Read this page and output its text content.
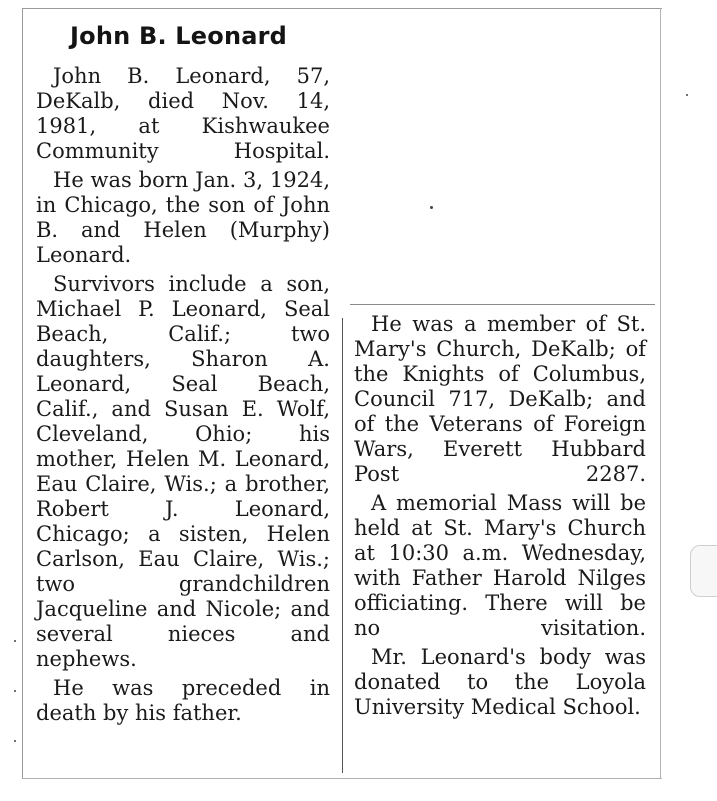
John B. Leonard

John B. Leonard, 57, DeKalb, died Nov. 14, 1981, at Kishwaukee Community Hospital.

He was born Jan. 3, 1924, in Chicago, the son of John B. and Helen (Murphy) Leonard.

Survivors include a son, Michael P. Leonard, Seal Beach, Calif.; two daughters, Sharon A. Leonard, Seal Beach, Calif., and Susan E. Wolf, Cleveland, Ohio; his mother, Helen M. Leonard, Eau Claire, Wis.; a brother, Robert J. Leonard, Chicago; a sisten, Helen Carlson, Eau Claire, Wis.; two grandchildren Jacqueline and Nicole; and several nieces and nephews.

He was preceded in death by his father.

He was a member of St. Mary's Church, DeKalb; of the Knights of Columbus, Council 717, DeKalb; and of the Veterans of Foreign Wars, Everett Hubbard Post 2287.

A memorial Mass will be held at St. Mary's Church at 10:30 a.m. Wednesday, with Father Harold Nilges officiating. There will be no visitation.

Mr. Leonard's body was donated to the Loyola University Medical School.
